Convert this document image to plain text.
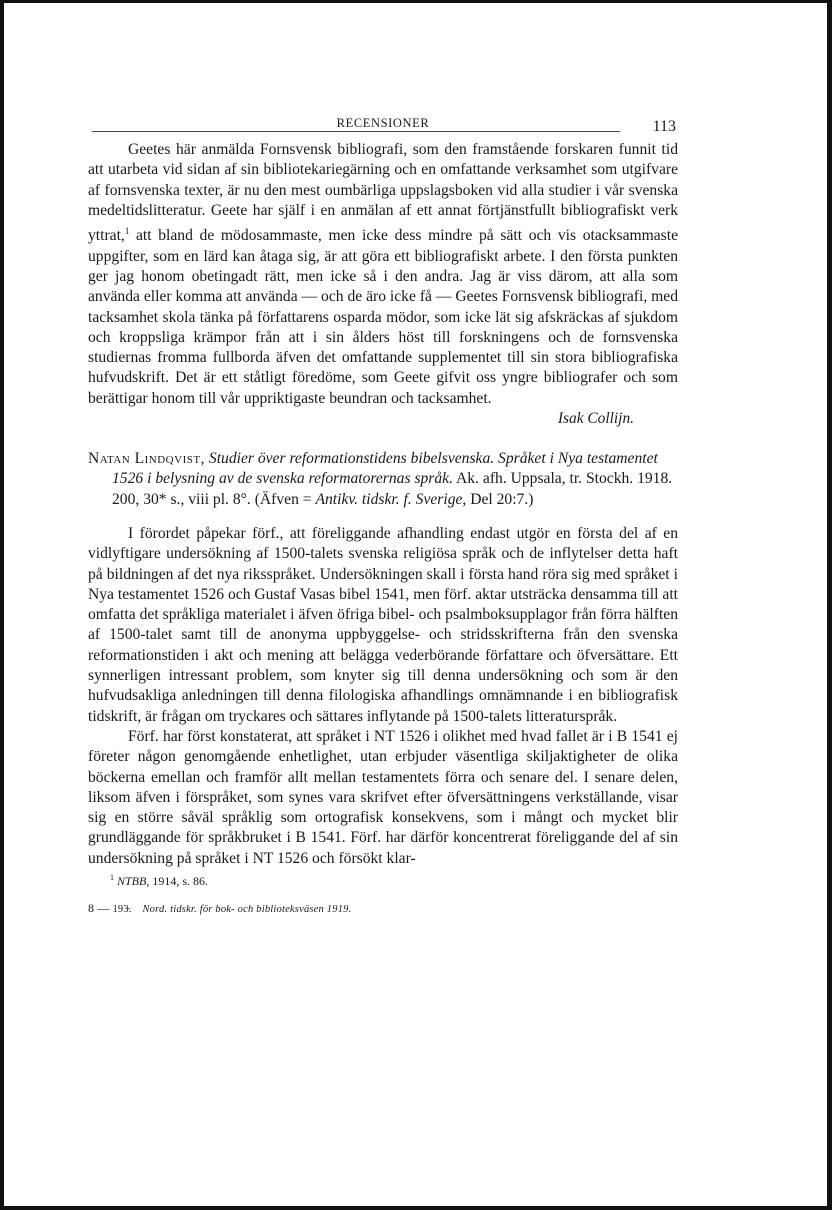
RECENSIONER	113

Geetes här anmälda Fornsvensk bibliografi, som den framstående forskaren funnit tid att utarbeta vid sidan af sin bibliotekariegärning och en omfattande verksamhet som utgifvare af fornsvenska texter, är nu den mest oumbärliga uppslagsboken vid alla studier i vår svenska medeltidslitteratur. Geete har själf i en anmälan af ett annat förtjänstfullt bibliografiskt verk yttrat,$^1$ att bland de mödosammaste, men icke dess mindre på sätt och vis otacksammaste uppgifter, som en lärd kan åtaga sig, är att göra ett bibliografiskt arbete. I den första punkten ger jag honom obetingadt rätt, men icke så i den andra. Jag är viss därom, att alla som använda eller komma att använda — och de äro icke få — Geetes Fornsvensk bibliografi, med tacksamhet skola tänka på författarens osparda mödor, som icke lät sig afskräckas af sjukdom och kroppsliga krämpor från att i sin ålders höst till forskningens och de fornsvenska studiernas fromma fullborda äfven det omfattande supplementet till sin stora bibliografiska hufvudskrift. Det är ett ståtligt föredöme, som Geete gifvit oss yngre bibliografer och som berättigar honom till vår uppriktigaste beundran och tacksamhet.

Isak Collijn.

Natan Lindqvist, Studier över reformationstidens bibelsvenska. Språket i Nya testamentet 1526 i belysning av de svenska reformatorernas språk. Ak. afh. Uppsala, tr. Stockh. 1918. 200, 30* s., viii pl. 8°. (Äfven = Antikv. tidskr. f. Sverige, Del 20:7.)

I förordet påpekar förf., att föreliggande afhandling endast utgör en första del af en vidlyftigare undersökning af 1500-talets svenska religiösa språk och de inflytelser detta haft på bildningen af det nya riksspråket. Undersökningen skall i första hand röra sig med språket i Nya testamentet 1526 och Gustaf Vasas bibel 1541, men förf. aktar utsträcka densamma till att omfatta det språkliga materialet i äfven öfriga bibel- och psalmboksupplagor från förra hälften af 1500-talet samt till de anonyma uppbyggelse- och stridsskrifterna från den svenska reformationstiden i akt och mening att belägga vederbörande författare och öfversättare. Ett synnerligen intressant problem, som knyter sig till denna undersökning och som är den hufvudsakliga anledningen till denna filologiska afhandlings omnämnande i en bibliografisk tidskrift, är frågan om tryckares och sättares inflytande på 1500-talets litteraturspråk.

Förf. har först konstaterat, att språket i NT 1526 i olikhet med hvad fallet är i B 1541 ej företer någon genomgående enhetlighet, utan erbjuder väsentliga skiljaktigheter de olika böckerna emellan och framför allt mellan testamentets förra och senare del. I senare delen, liksom äfven i förspråket, som synes vara skrifvet efter öfversättningens verkställande, visar sig en större såväl språklig som ortografisk konsekvens, som i mångt och mycket blir grundläggande för språkbruket i B 1541. Förf. har därför koncentrerat föreliggande del af sin undersökning på språket i NT 1526 och försökt klar-

$^1$ NTBB, 1914, s. 86.
8 — 193̵. Nord. tidskr. för bok- och biblioteksväsen 1919.
